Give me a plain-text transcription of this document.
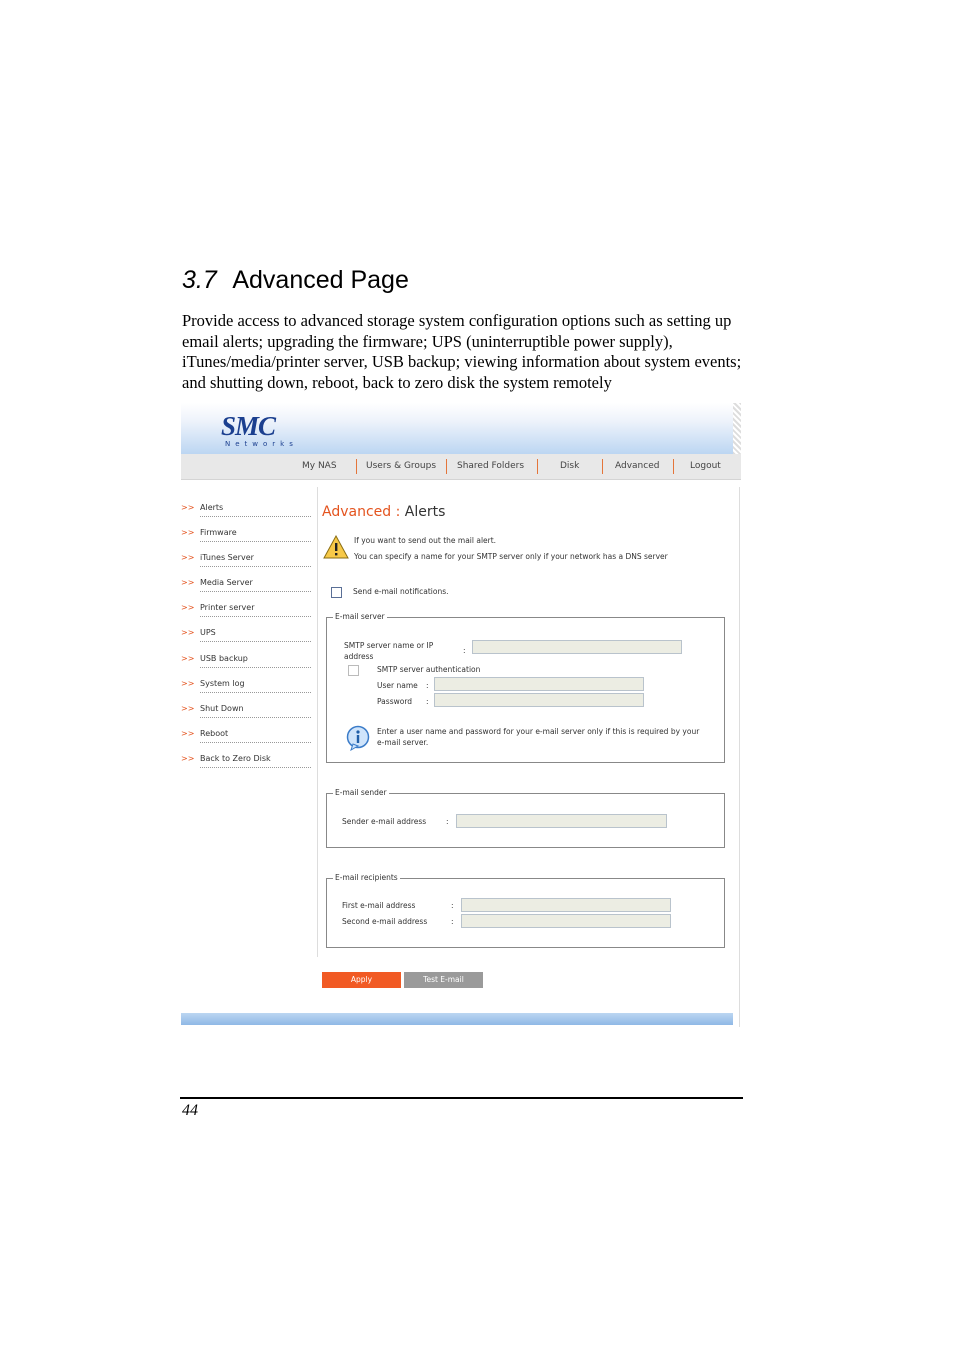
3.7 Advanced Page
Provide access to advanced storage system configuration options such as setting up email alerts; upgrading the firmware; UPS (uninterruptible power supply), iTunes/media/printer server, USB backup; viewing information about system events; and shutting down, reboot, back to zero disk the system remotely
SMC
Networks
My NAS	Users & Groups Shared Folders	Disk	Advanced	Logout
>> Alerts
>> Firmware
>> iTunes Server
>> Media Server
>> Printer server
>> UPS
>> USB backup
>> System log
>> Shut Down
>> Reboot
>> Back to Zero Disk
Advanced : Alerts
If you want to send out the mail alert.
You can specify a name for your SMTP server only if your network has a DNS server
Send e-mail notifications.
E-mail server
SMTP server name or IP
address
:
SMTP server authentication
User name :
Password :
Enter a user name and password for your e-mail server only if this is required by your
e-mail server.
E-mail sender
Sender e-mail address	:
E-mail recipients
First e-mail address	:
Second e-mail address	:
Apply	Test E-mail
44
